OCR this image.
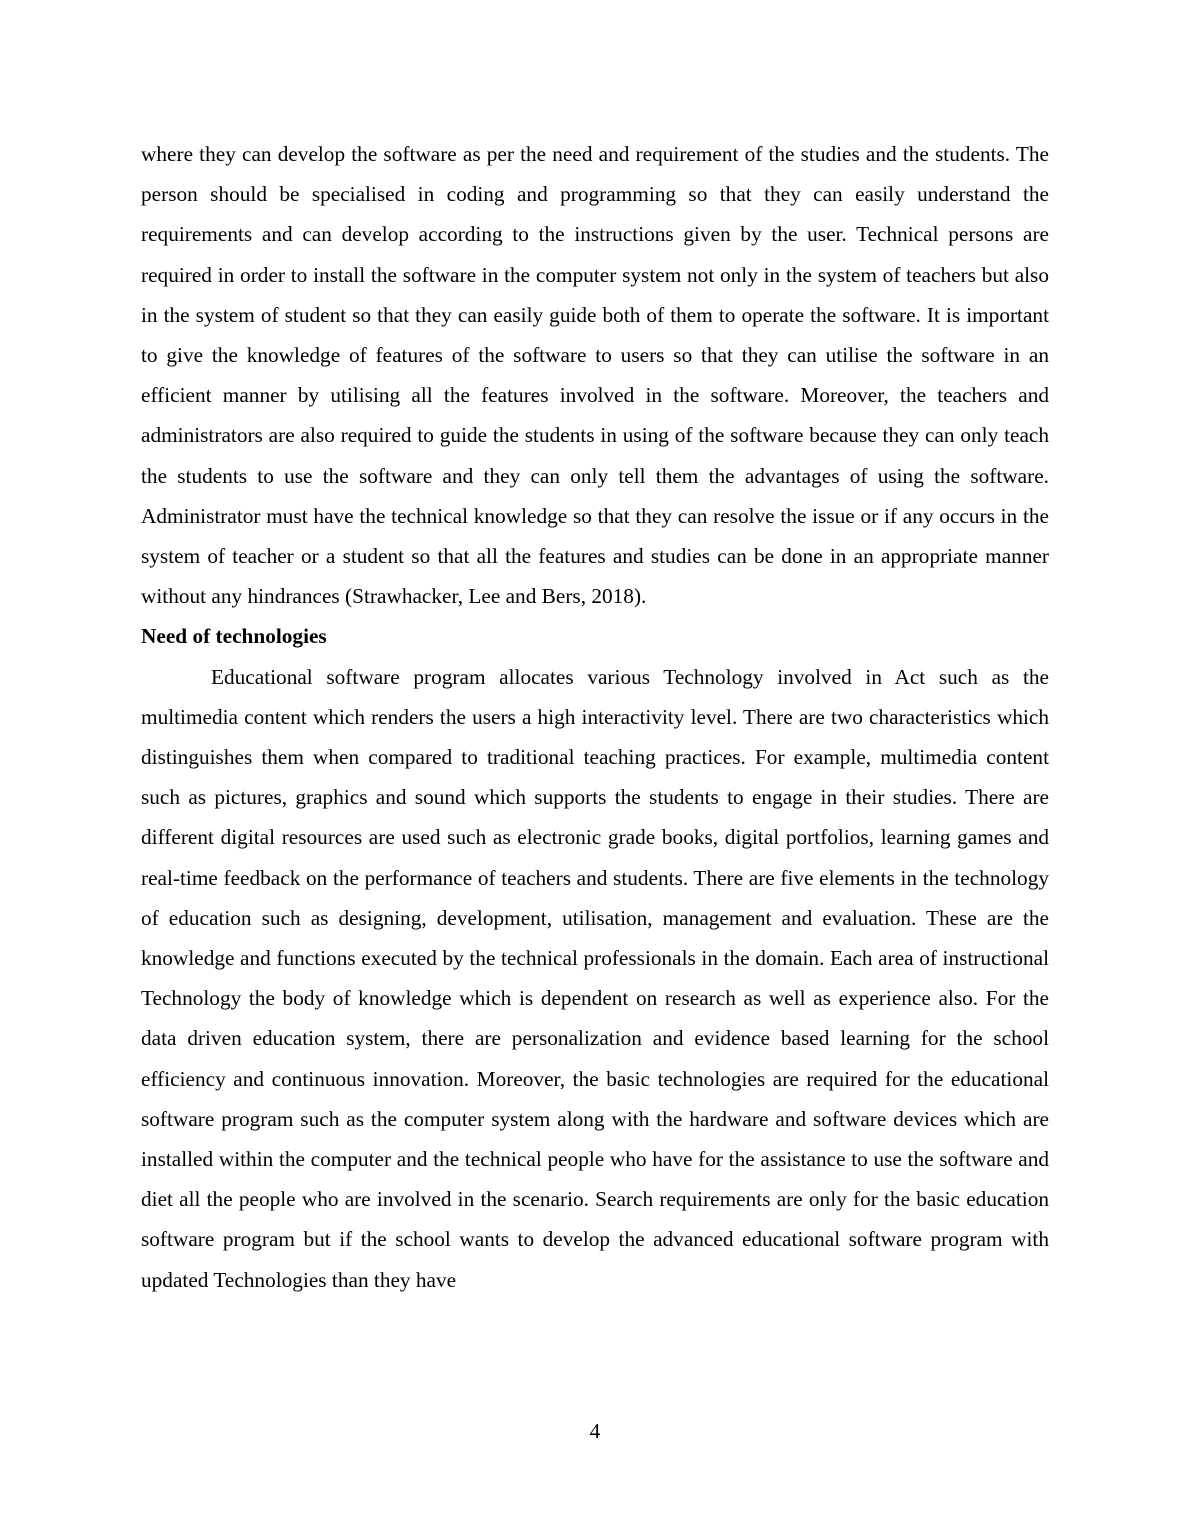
where they can develop the software as per the need and requirement of the studies and the students. The person should be specialised in coding and programming so that they can easily understand the requirements and can develop according to the instructions given by the user. Technical persons are required in order to install the software in the computer system not only in the system of teachers but also in the system of student so that they can easily guide both of them to operate the software. It is important to give the knowledge of features of the software to users so that they can utilise the software in an efficient manner by utilising all the features involved in the software. Moreover, the teachers and administrators are also required to guide the students in using of the software because they can only teach the students to use the software and they can only tell them the advantages of using the software. Administrator must have the technical knowledge so that they can resolve the issue or if any occurs in the system of teacher or a student so that all the features and studies can be done in an appropriate manner without any hindrances (Strawhacker, Lee and Bers, 2018).

Need of technologies

Educational software program allocates various Technology involved in Act such as the multimedia content which renders the users a high interactivity level. There are two characteristics which distinguishes them when compared to traditional teaching practices. For example, multimedia content such as pictures, graphics and sound which supports the students to engage in their studies. There are different digital resources are used such as electronic grade books, digital portfolios, learning games and real-time feedback on the performance of teachers and students. There are five elements in the technology of education such as designing, development, utilisation, management and evaluation. These are the knowledge and functions executed by the technical professionals in the domain. Each area of instructional Technology the body of knowledge which is dependent on research as well as experience also. For the data driven education system, there are personalization and evidence based learning for the school efficiency and continuous innovation. Moreover, the basic technologies are required for the educational software program such as the computer system along with the hardware and software devices which are installed within the computer and the technical people who have for the assistance to use the software and diet all the people who are involved in the scenario. Search requirements are only for the basic education software program but if the school wants to develop the advanced educational software program with updated Technologies than they have

4
